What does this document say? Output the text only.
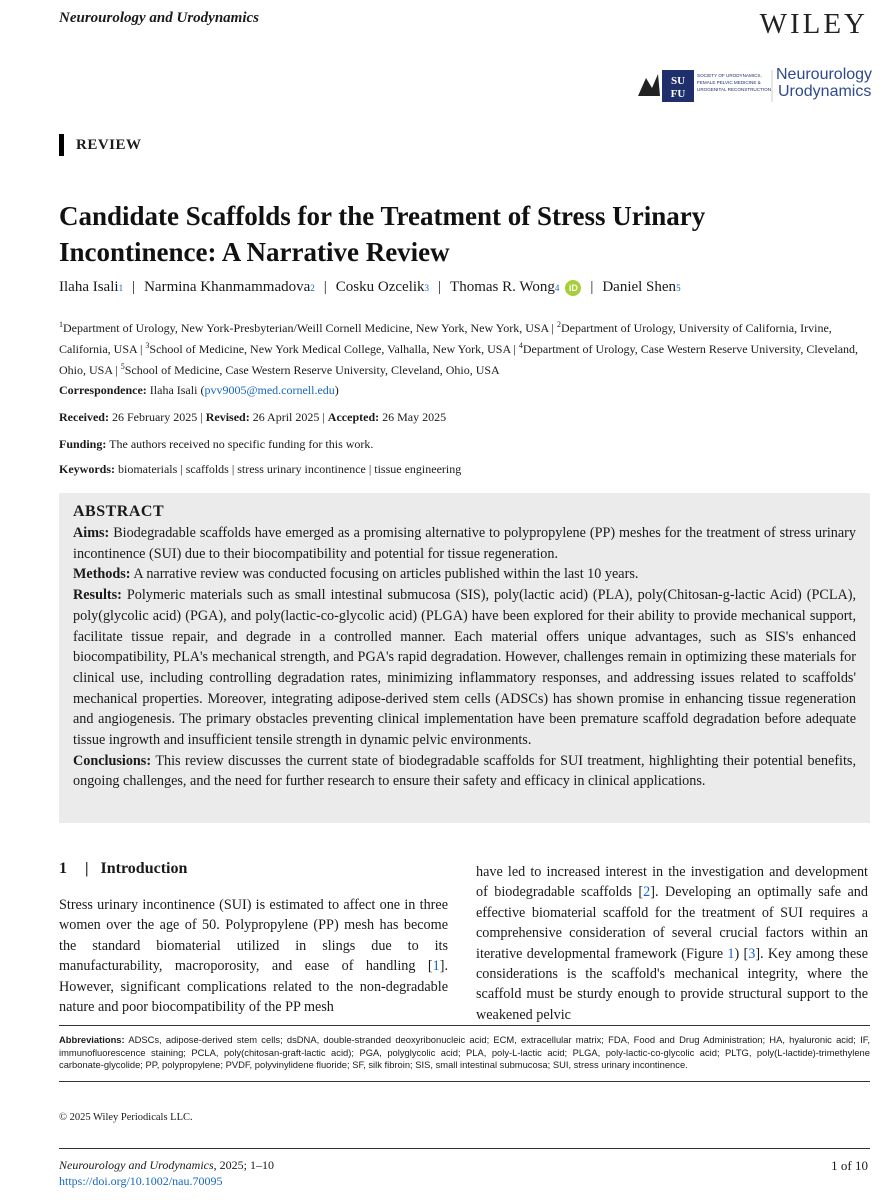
Neurourology and Urodynamics	WILEY
SU
FU
SOCIETY OF URODYNAMICS,
FEMALE PELVIC MEDICINE &
UROGENITAL RECONSTRUCTION
Neurourology
Urodynamics
REVIEW
Candidate Scaffolds for the Treatment of Stress Urinary Incontinence: A Narrative Review
Ilaha Isali 1 | Narmina Khanmammadova 2 | Cosku Ozcelik 3 | Thomas R. Wong 4	iD | Daniel Shen 5
$^1$Department of Urology, New York-Presbyterian/Weill Cornell Medicine, New York, New York, USA | $^2$Department of Urology, University of California, Irvine, California, USA | $^3$School of Medicine, New York Medical College, Valhalla, New York, USA | $^4$Department of Urology, Case Western Reserve University, Cleveland, Ohio, USA | $^5$School of Medicine, Case Western Reserve University, Cleveland, Ohio, USA
Correspondence: Ilaha Isali (pvv9005@med.cornell.edu)
Received: 26 February 2025 | Revised: 26 April 2025 | Accepted: 26 May 2025
Funding: The authors received no specific funding for this work.
Keywords: biomaterials | scaffolds | stress urinary incontinence | tissue engineering
ABSTRACT

Aims: Biodegradable scaffolds have emerged as a promising alternative to polypropylene (PP) meshes for the treatment of stress urinary incontinence (SUI) due to their biocompatibility and potential for tissue regeneration.

Methods: A narrative review was conducted focusing on articles published within the last 10 years.

Results: Polymeric materials such as small intestinal submucosa (SIS), poly(lactic acid) (PLA), poly(Chitosan-g-lactic Acid) (PCLA), poly(glycolic acid) (PGA), and poly(lactic-co-glycolic acid) (PLGA) have been explored for their ability to provide mechanical support, facilitate tissue repair, and degrade in a controlled manner. Each material offers unique advantages, such as SIS's enhanced biocompatibility, PLA's mechanical strength, and PGA's rapid degradation. However, challenges remain in optimizing these materials for clinical use, including controlling degradation rates, minimizing inflammatory responses, and addressing issues related to scaffolds' mechanical properties. Moreover, integrating adipose-derived stem cells (ADSCs) has shown promise in enhancing tissue regeneration and angiogenesis. The primary obstacles preventing clinical implementation have been premature scaffold degradation before adequate tissue ingrowth and insufficient tensile strength in dynamic pelvic environments.

Conclusions: This review discusses the current state of biodegradable scaffolds for SUI treatment, highlighting their potential benefits, ongoing challenges, and the need for further research to ensure their safety and efficacy in clinical applications.

1	| Introduction
Stress urinary incontinence (SUI) is estimated to affect one in three women over the age of 50. Polypropylene (PP) mesh has become the standard biomaterial utilized in slings due to its manufacturability, macroporosity, and ease of handling [1]. However, significant complications related to the non-degradable nature and poor biocompatibility of the PP mesh
have led to increased interest in the investigation and development of biodegradable scaffolds [2]. Developing an optimally safe and effective biomaterial scaffold for the treatment of SUI requires a comprehensive consideration of several crucial factors within an iterative developmental framework (Figure 1) [3]. Key among these considerations is the scaffold's mechanical integrity, where the scaffold must be sturdy enough to provide structural support to the weakened pelvic
Abbreviations: ADSCs, adipose-derived stem cells; dsDNA, double-stranded deoxyribonucleic acid; ECM, extracellular matrix; FDA, Food and Drug Administration; HA, hyaluronic acid; IF, immunofluorescence staining; PCLA, poly(chitosan-graft-lactic acid); PGA, polyglycolic acid; PLA, poly-L-lactic acid; PLGA, poly-lactic-co-glycolic acid; PLTG, poly(L-lactide)-trimethylene carbonate-glycolide; PP, polypropylene; PVDF, polyvinylidene fluoride; SF, silk fibroin; SIS, small intestinal submucosa; SUI, stress urinary incontinence.
© 2025 Wiley Periodicals LLC.
Neurourology and Urodynamics, 2025; 1–10
https://doi.org/10.1002/nau.70095
1 of 10
